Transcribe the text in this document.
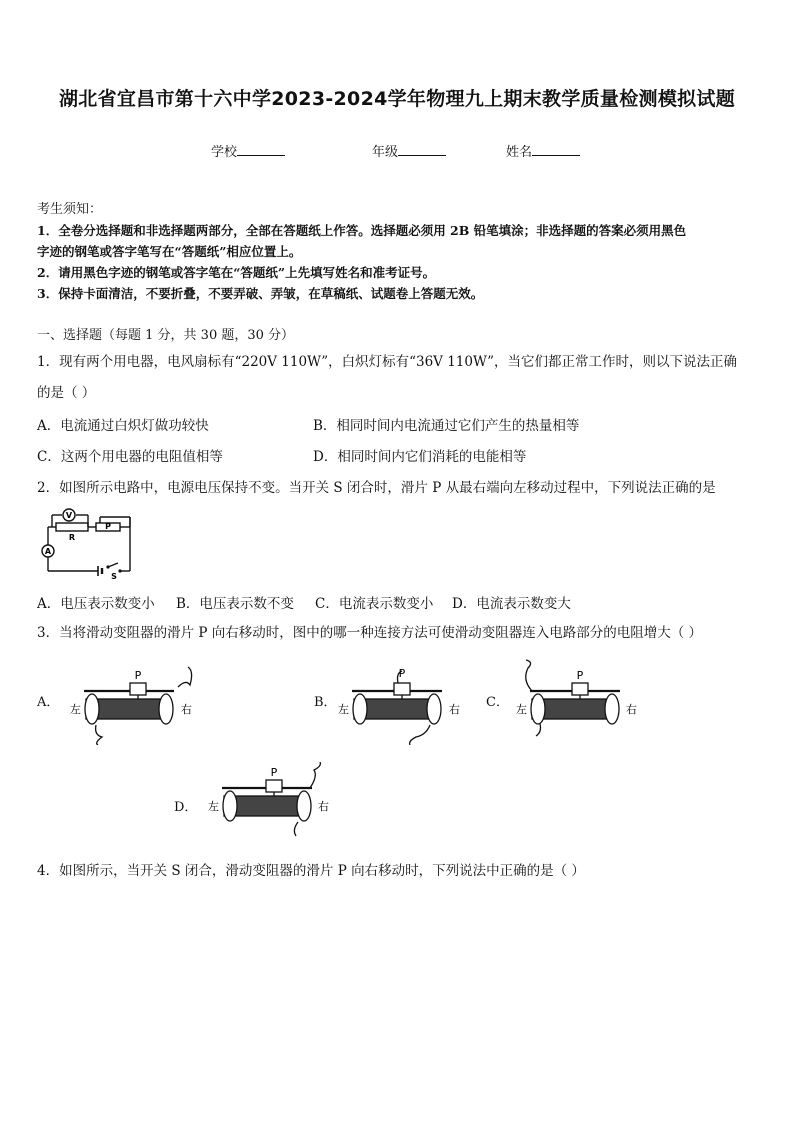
湖北省宜昌市第十六中学2023-2024学年物理九上期末教学质量检测模拟试题
学校	年级	姓名
考生须知：
1．全卷分选择题和非选择题两部分，全部在答题纸上作答。选择题必须用 2B 铅笔填涂；非选择题的答案必须用黑色
字迹的钢笔或答字笔写在“答题纸”相应位置上。
2．请用黑色字迹的钢笔或答字笔在“答题纸”上先填写姓名和准考证号。
3．保持卡面清洁，不要折叠，不要弄破、弄皱，在草稿纸、试题卷上答题无效。
一、选择题（每题 1 分，共 30 题，30 分）
1．现有两个用电器，电风扇标有“220V 110W”，白炽灯标有“36V 110W”，当它们都正常工作时，则以下说法正确
的是（ ）
A．电流通过白炽灯做功较快	B．相同时间内电流通过它们产生的热量相等
C．这两个用电器的电阻值相等	D．相同时间内它们消耗的电能相等
2．如图所示电路中，电源电压保持不变。当开关 S 闭合时，滑片 P 从最右端向左移动过程中，下列说法正确的是
V
A
R
P
S
A．电压表示数变小 B．电压表示数不变 C．电流表示数变小 D．电流表示数变大
3．当将滑动变阻器的滑片 P 向右移动时，图中的哪一种连接方法可使滑动变阻器连入电路部分的电阻增大（ ）
A．	B．	C．
D．
P
左	右
P
左	右
P
左	右
P
左	右
4．如图所示，当开关 S 闭合，滑动变阻器的滑片 P 向右移动时，下列说法中正确的是（ ）
